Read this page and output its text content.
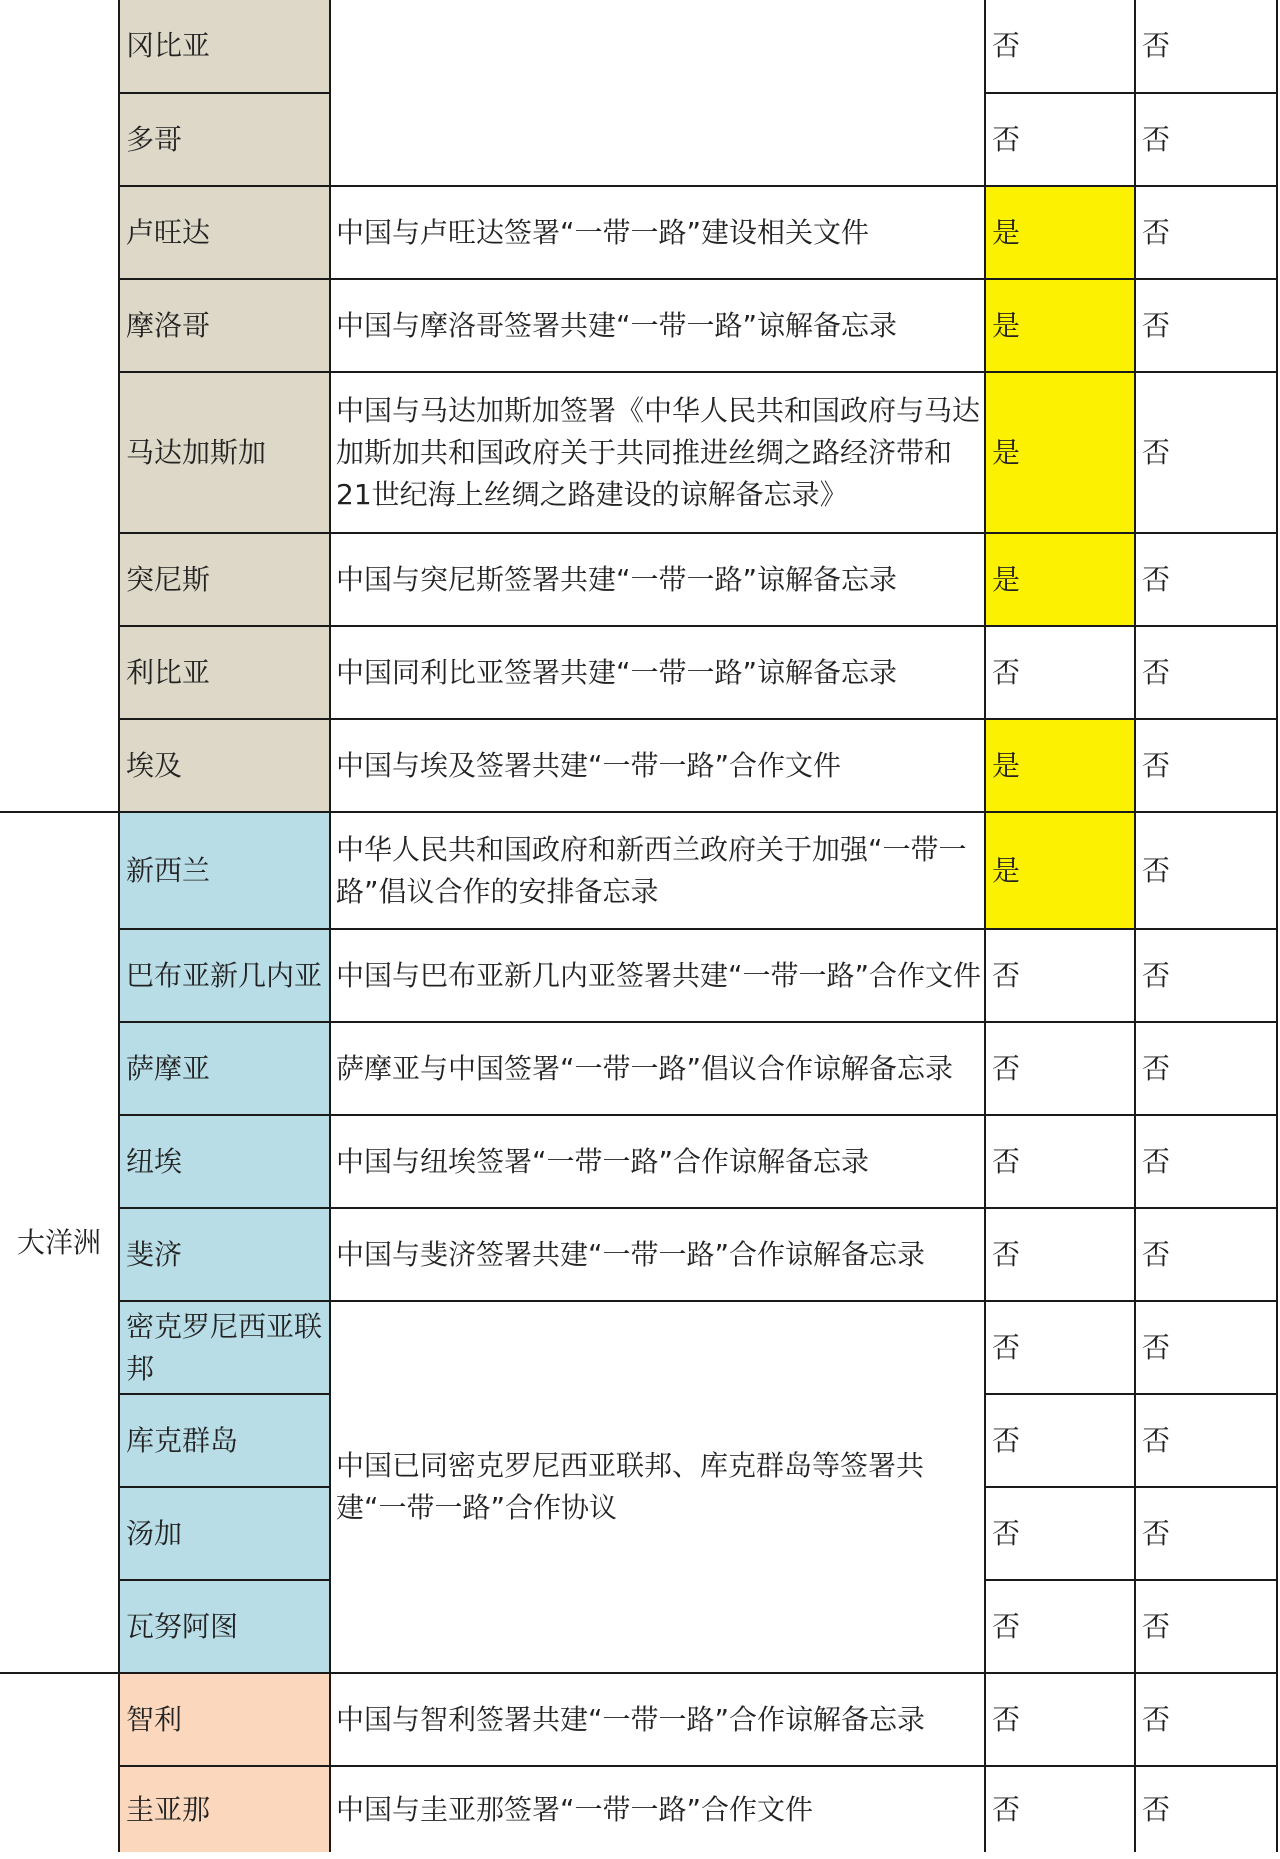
	冈比亚		否	否
	多哥		否	否
	卢旺达	中国与卢旺达签署“一带一路”建设相关文件	是	否
	摩洛哥	中国与摩洛哥签署共建“一带一路”谅解备忘录	是	否
	马达加斯加	中国与马达加斯加签署《中华人民共和国政府与马达加斯加共和国政府关于共同推进丝绸之路经济带和21世纪海上丝绸之路建设的谅解备忘录》	是	否
	突尼斯	中国与突尼斯签署共建“一带一路”谅解备忘录	是	否
	利比亚	中国同利比亚签署共建“一带一路”谅解备忘录	否	否
	埃及	中国与埃及签署共建“一带一路”合作文件	是	否
大洋洲	新西兰	中华人民共和国政府和新西兰政府关于加强“一带一路”倡议合作的安排备忘录	是	否
	巴布亚新几内亚	中国与巴布亚新几内亚签署共建“一带一路”合作文件	否	否
	萨摩亚	萨摩亚与中国签署“一带一路”倡议合作谅解备忘录	否	否
	纽埃	中国与纽埃签署“一带一路”合作谅解备忘录	否	否
	斐济	中国与斐济签署共建“一带一路”合作谅解备忘录	否	否
	密克罗尼西亚联邦	中国已同密克罗尼西亚联邦、库克群岛等签署共建“一带一路”合作协议	否	否
	库克群岛		否	否
	汤加		否	否
	瓦努阿图		否	否
	智利	中国与智利签署共建“一带一路”合作谅解备忘录	否	否
	圭亚那	中国与圭亚那签署“一带一路”合作文件	否	否
